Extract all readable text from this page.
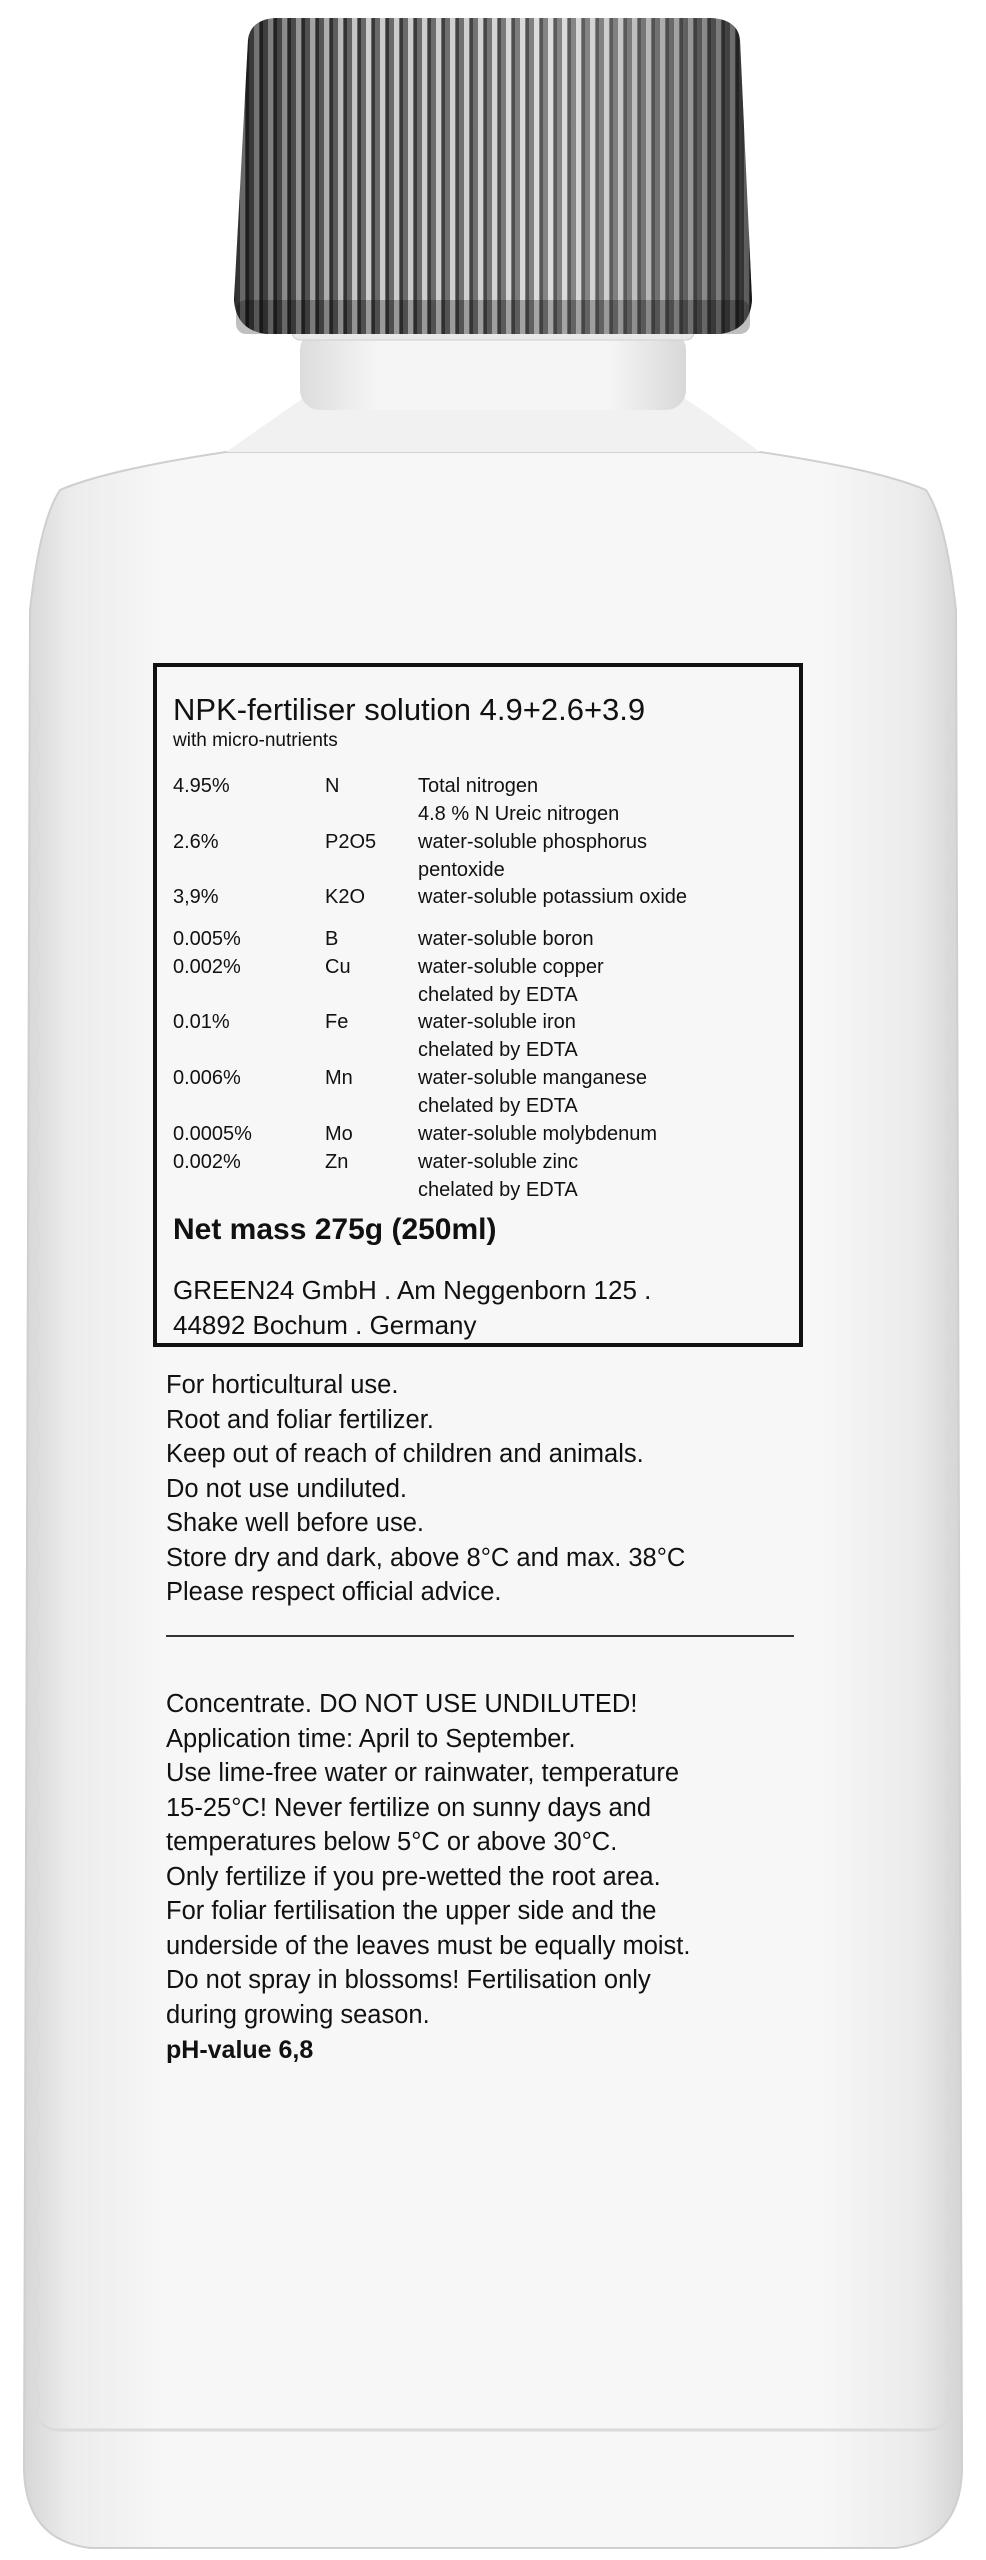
NPK-fertiliser solution 4.9+2.6+3.9
with micro-nutrients
4.95%	N	Total nitrogen
4.8 % N Ureic nitrogen
2.6%	P2O5 water-soluble phosphorus
pentoxide
3,9%	K2O	water-soluble potassium oxide
0.005%	B	water-soluble boron
0.002%	Cu	water-soluble copper
chelated by EDTA
0.01%	Fe	water-soluble iron
chelated by EDTA
0.006%	Mn	water-soluble manganese
chelated by EDTA
0.0005%	Mo	water-soluble molybdenum
0.002%	Zn	water-soluble zinc
chelated by EDTA
Net mass 275g (250ml)
GREEN24 GmbH . Am Neggenborn 125 .
44892 Bochum . Germany
For horticultural use.
Root and foliar fertilizer.
Keep out of reach of children and animals.
Do not use undiluted.
Shake well before use.
Store dry and dark, above 8°C and max. 38°C
Please respect official advice.
Concentrate. DO NOT USE UNDILUTED!
Application time: April to September.
Use lime-free water or rainwater, temperature
15-25°C! Never fertilize on sunny days and
temperatures below 5°C or above 30°C.
Only fertilize if you pre-wetted the root area.
For foliar fertilisation the upper side and the
underside of the leaves must be equally moist.
Do not spray in blossoms! Fertilisation only
during growing season.
pH-value 6,8
